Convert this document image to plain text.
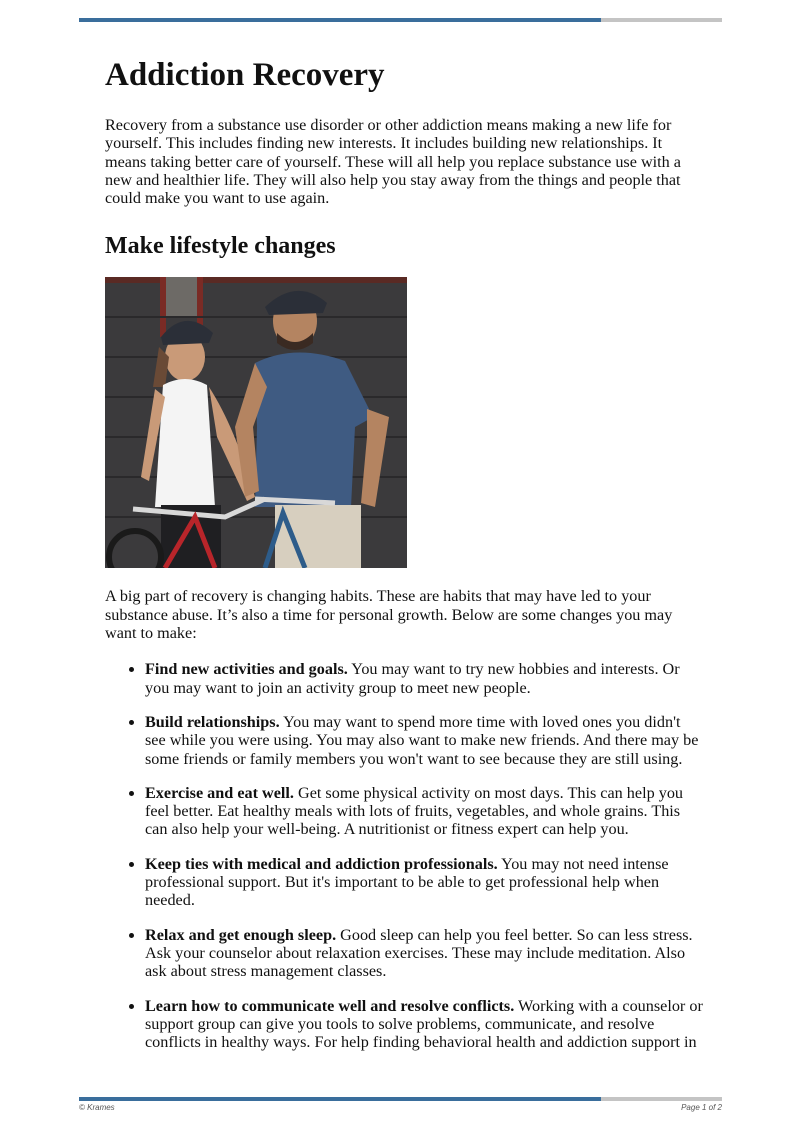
Addiction Recovery

Recovery from a substance use disorder or other addiction means making a new life for yourself. This includes finding new interests. It includes building new relationships. It means taking better care of yourself. These will all help you replace substance use with a new and healthier life. They will also help you stay away from the things and people that could make you want to use again.

Make lifestyle changes

A big part of recovery is changing habits. These are habits that may have led to your substance abuse. It’s also a time for personal growth. Below are some changes you may want to make:

• Find new activities and goals. You may want to try new hobbies and interests. Or you may want to join an activity group to meet new people.
• Build relationships. You may want to spend more time with loved ones you didn't see while you were using. You may also want to make new friends. And there may be some friends or family members you won't want to see because they are still using.
• Exercise and eat well. Get some physical activity on most days. This can help you feel better. Eat healthy meals with lots of fruits, vegetables, and whole grains. This can also help your well-being. A nutritionist or fitness expert can help you.
• Keep ties with medical and addiction professionals. You may not need intense professional support. But it's important to be able to get professional help when needed.
• Relax and get enough sleep. Good sleep can help you feel better. So can less stress. Ask your counselor about relaxation exercises. These may include meditation. Also ask about stress management classes.
• Learn how to communicate well and resolve conflicts. Working with a counselor or support group can give you tools to solve problems, communicate, and resolve conflicts in healthy ways. For help finding behavioral health and addiction support in
© Krames	Page 1 of 2
